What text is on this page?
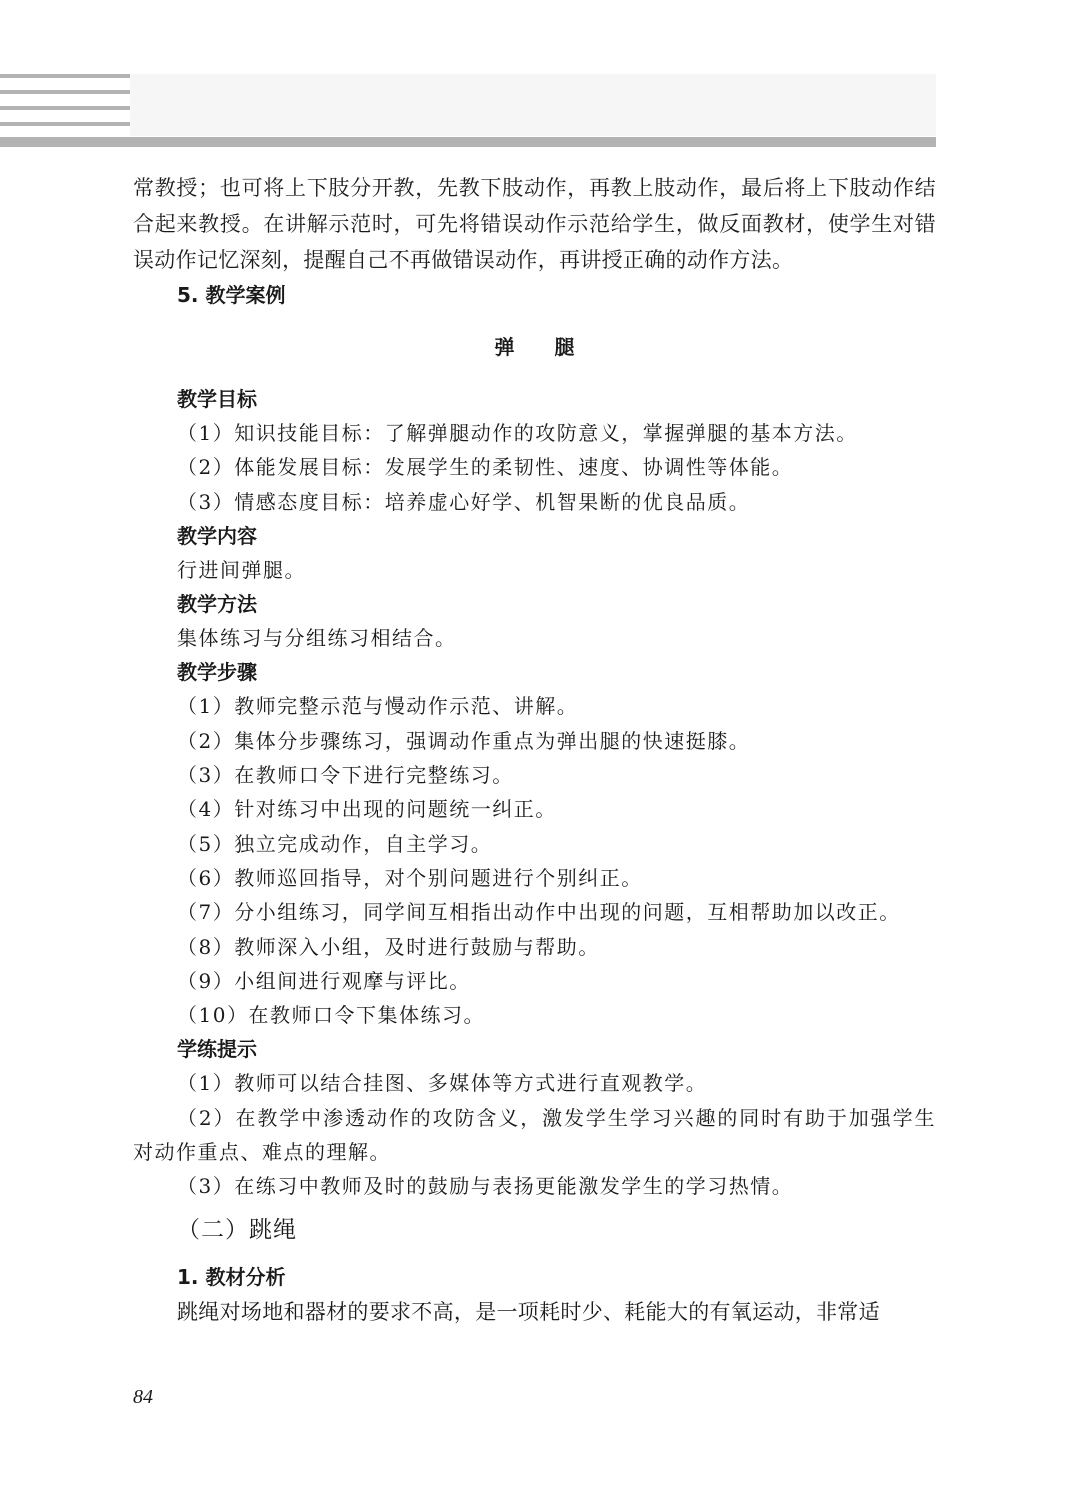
常教授；也可将上下肢分开教，先教下肢动作，再教上肢动作，最后将上下肢动作结合起来教授。在讲解示范时，可先将错误动作示范给学生，做反面教材，使学生对错误动作记忆深刻，提醒自己不再做错误动作，再讲授正确的动作方法。

5. 教学案例

弹腿

教学目标

（1）知识技能目标：了解弹腿动作的攻防意义，掌握弹腿的基本方法。

（2）体能发展目标：发展学生的柔韧性、速度、协调性等体能。

（3）情感态度目标：培养虚心好学、机智果断的优良品质。

教学内容

行进间弹腿。

教学方法

集体练习与分组练习相结合。

教学步骤

（1）教师完整示范与慢动作示范、讲解。

（2）集体分步骤练习，强调动作重点为弹出腿的快速挺膝。

（3）在教师口令下进行完整练习。

（4）针对练习中出现的问题统一纠正。

（5）独立完成动作，自主学习。

（6）教师巡回指导，对个别问题进行个别纠正。

（7）分小组练习，同学间互相指出动作中出现的问题，互相帮助加以改正。

（8）教师深入小组，及时进行鼓励与帮助。

（9）小组间进行观摩与评比。

（10）在教师口令下集体练习。

学练提示

（1）教师可以结合挂图、多媒体等方式进行直观教学。

（2）在教学中渗透动作的攻防含义，激发学生学习兴趣的同时有助于加强学生对动作重点、难点的理解。

（3）在练习中教师及时的鼓励与表扬更能激发学生的学习热情。

（二）跳绳

1. 教材分析

跳绳对场地和器材的要求不高，是一项耗时少、耗能大的有氧运动，非常适

84
